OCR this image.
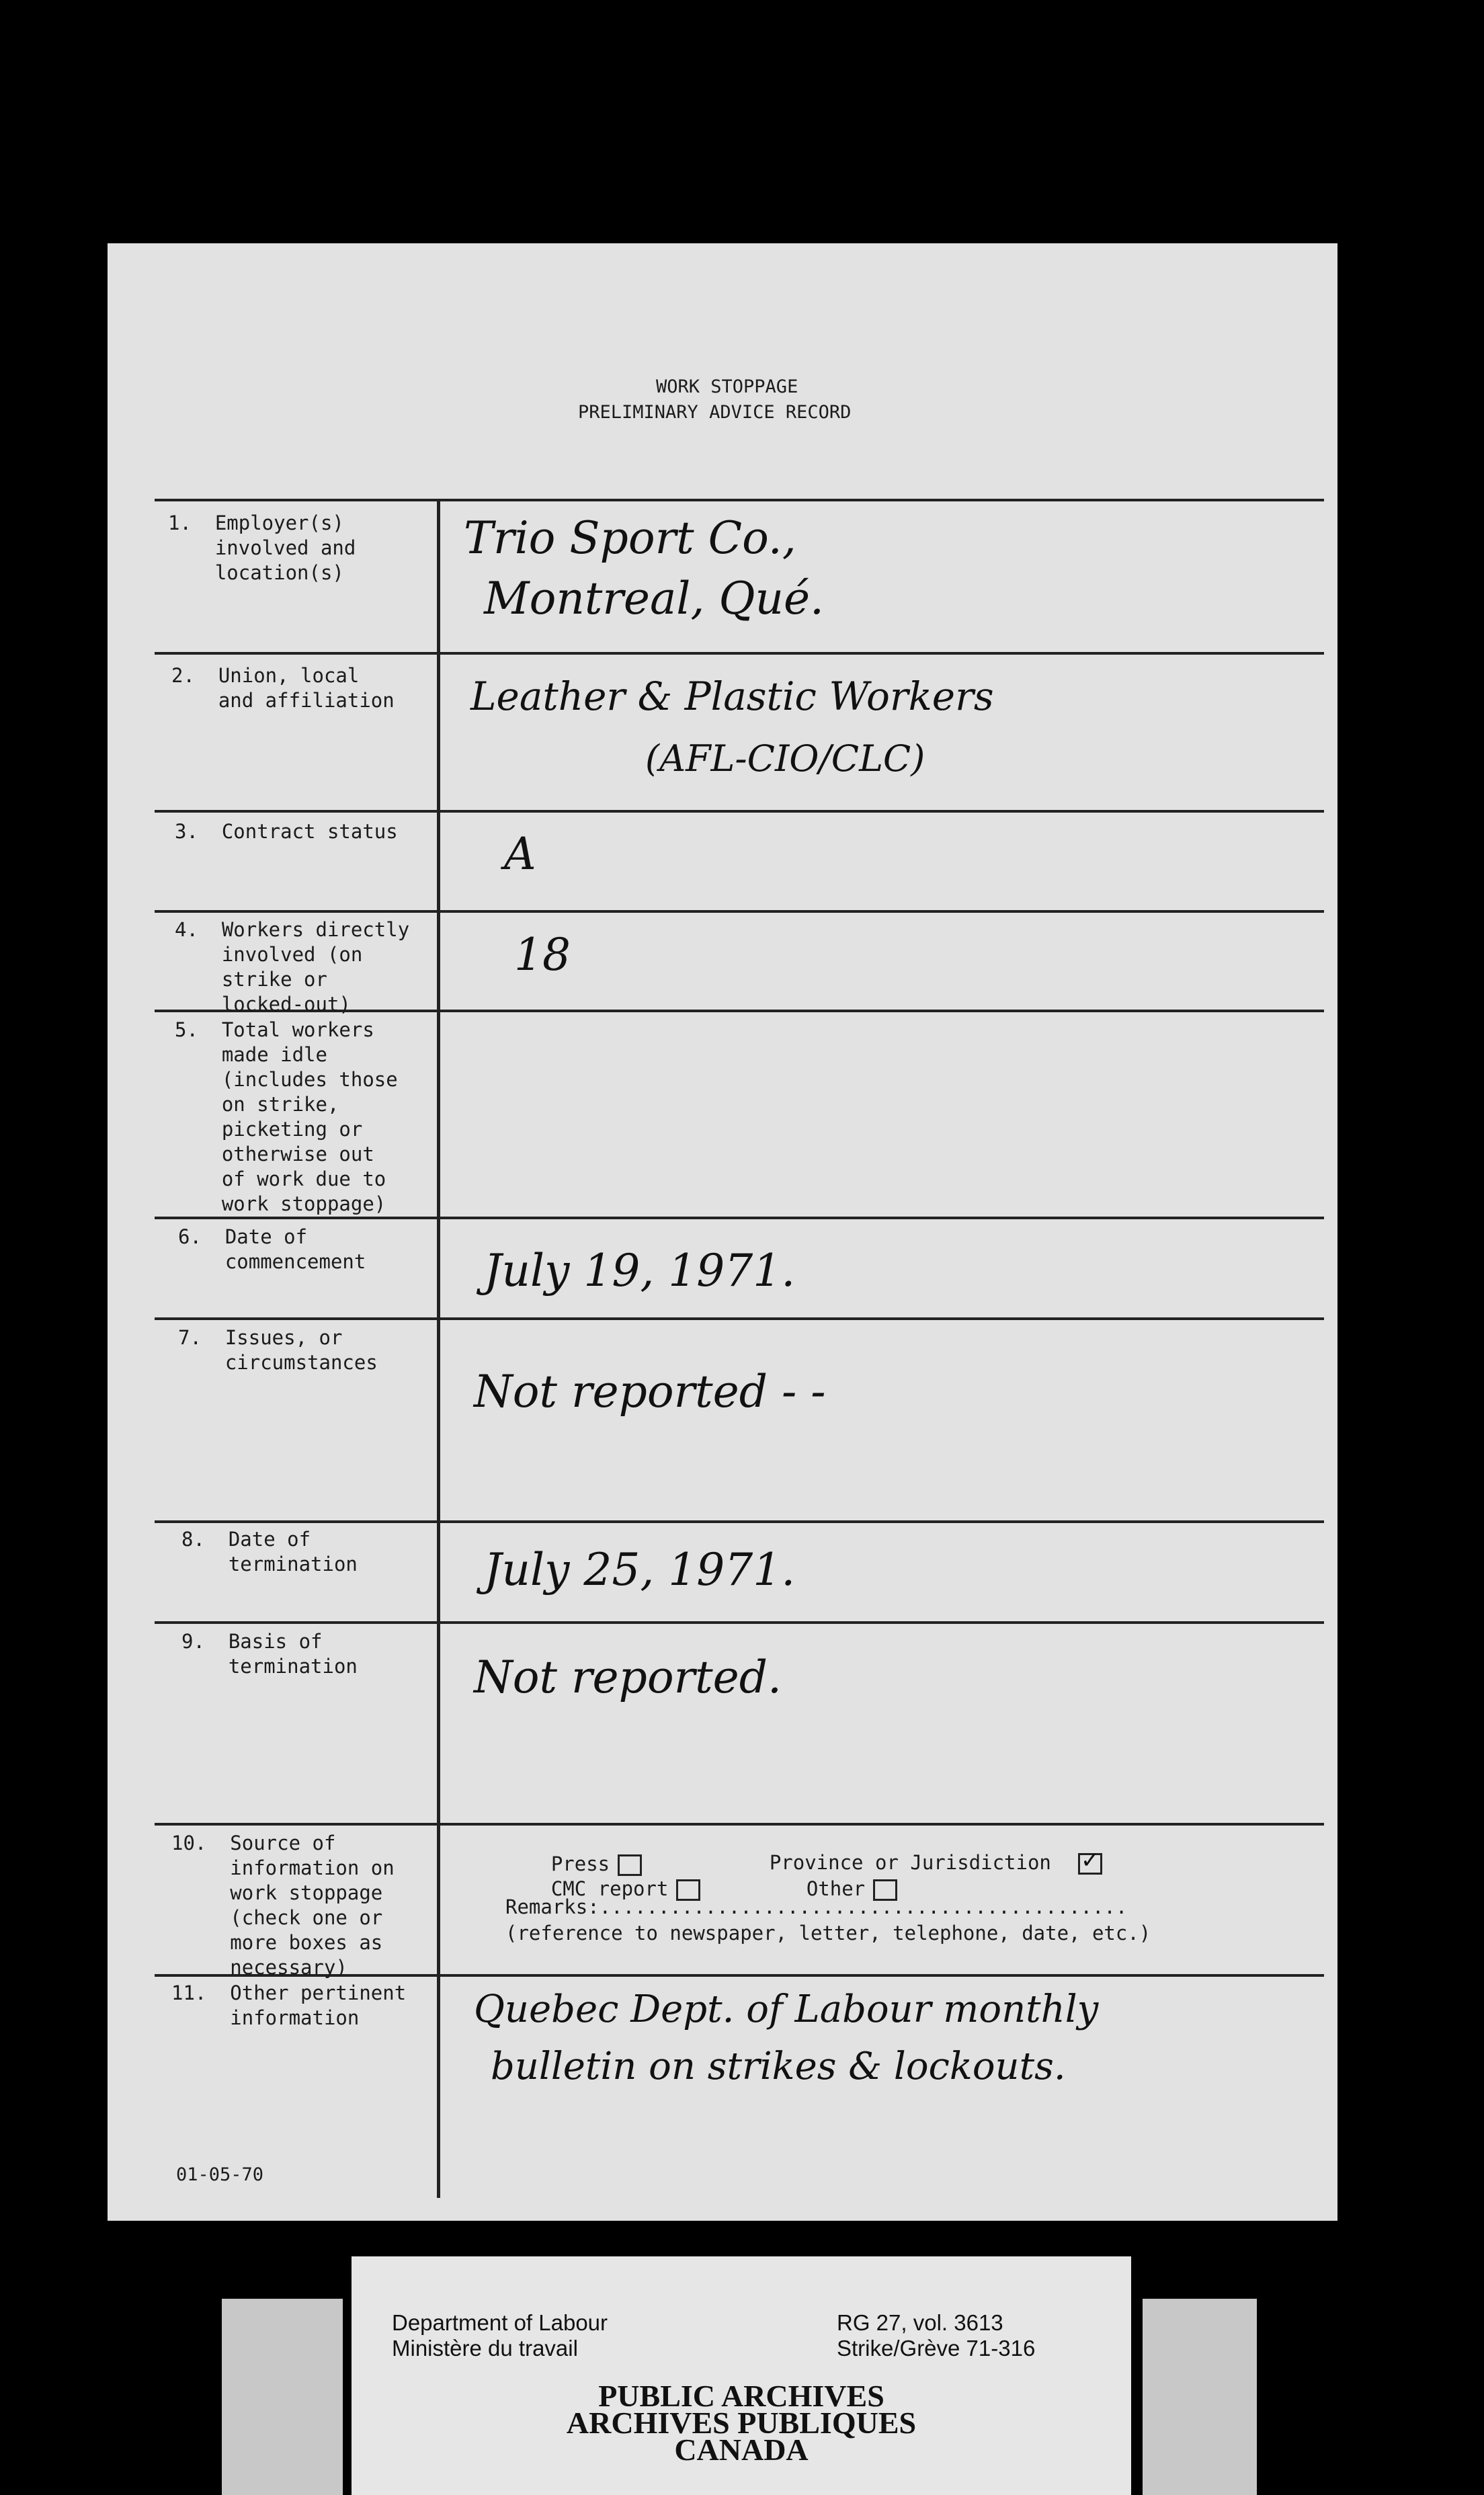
WORK STOPPAGE
PRELIMINARY ADVICE RECORD
1.  Employer(s)
involved and
location(s)
2.  Union, local
and affiliation
3.  Contract status
4.  Workers directly
involved (on
strike or
locked-out)
5.  Total workers
made idle
(includes those
on strike,
picketing or
otherwise out
of work due to
work stoppage)
6.  Date of
commencement
7.  Issues, or
circumstances
8.  Date of
termination
9.  Basis of
termination
10.  Source of
information on
work stoppage
(check one or
more boxes as
necessary)
11.  Other pertinent
information
Trio Sport Co.,
Montreal, Qué.
Leather & Plastic Workers
(AFL-CIO/CLC)
A
18
July 19, 1971.
Not reported - -
July 25, 1971.
Not reported.
Quebec Dept. of Labour monthly
bulletin on strikes & lockouts.

Press
	Province or Jurisdiction ✓

CMC report
	Other

Remarks:.............................................
(reference to newspaper, letter, telephone, date, etc.)
01-05-70
Department of Labour
Ministère du travail
RG 27, vol. 3613
Strike/Grève 71-316
PUBLIC ARCHIVES
ARCHIVES PUBLIQUES
CANADA
